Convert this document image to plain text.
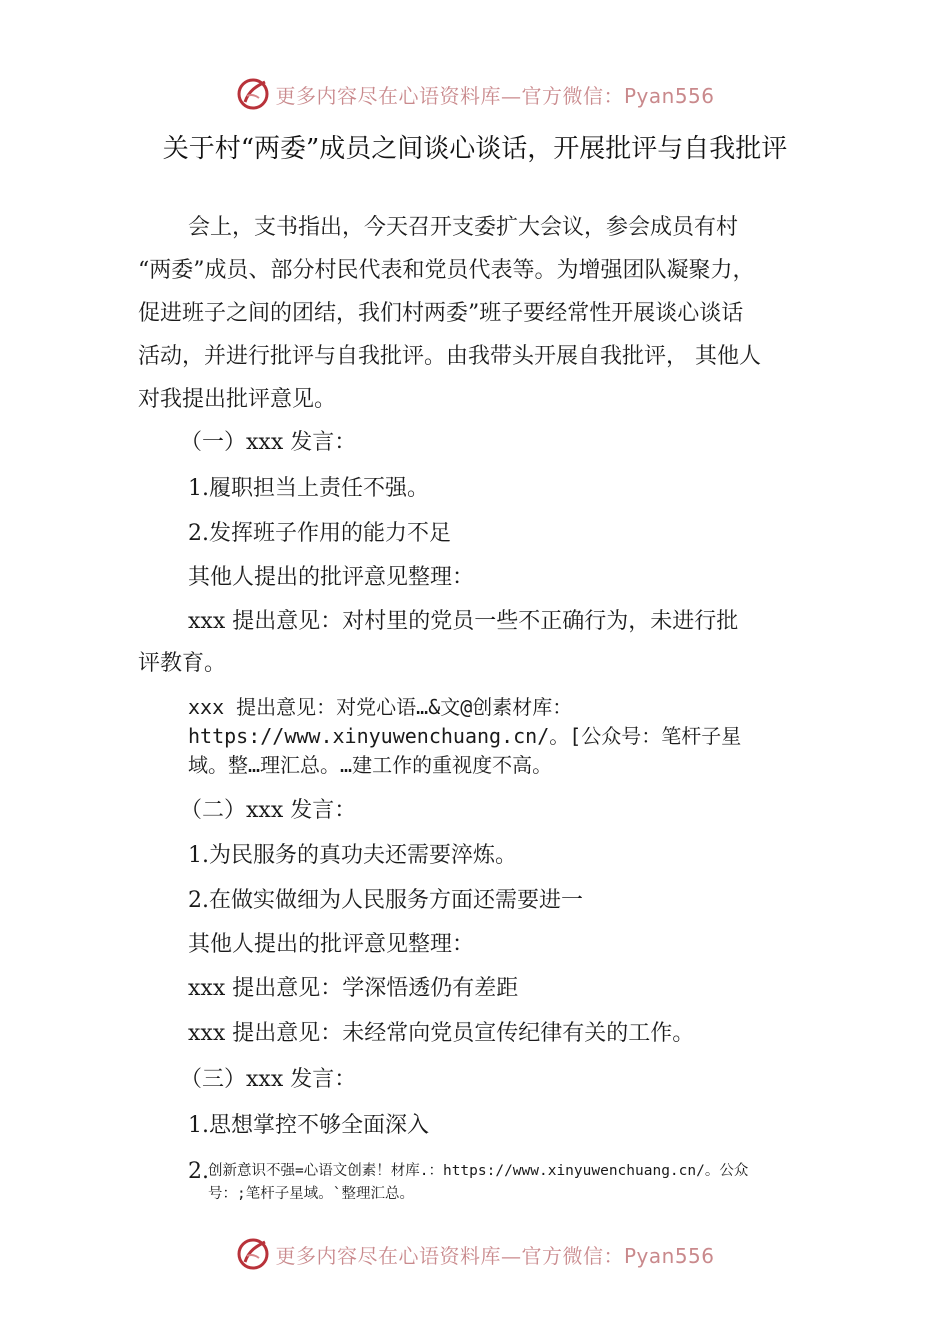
更多内容尽在心语资料库—官方微信：Pyan556
关于村“两委”成员之间谈心谈话，开展批评与自我批评
会上，支书指出，今天召开支委扩大会议，参会成员有村
“两委”成员、部分村民代表和党员代表等。为增强团队凝聚力，
促进班子之间的团结，我们村两委”班子要经常性开展谈心谈话
活动，并进行批评与自我批评。由我带头开展自我批评， 其他人
对我提出批评意见。
（一）xxx 发言：
1.履职担当上责任不强。
2.发挥班子作用的能力不足
其他人提出的批评意见整理：
xxx 提出意见：对村里的党员一些不正确行为，未进行批
评教育。
xxx 提出意见：对党心语…&文@创素材库：
https://www.xinyuwenchuang.cn/。[公众号：笔杆子星
域。整…理汇总。…建工作的重视度不高。
（二）xxx 发言：
1.为民服务的真功夫还需要淬炼。
2.在做实做细为人民服务方面还需要进一
其他人提出的批评意见整理：
xxx 提出意见：学深悟透仍有差距
xxx 提出意见：未经常向党员宣传纪律有关的工作。
（三）xxx 发言：
1.思想掌控不够全面深入
2. 创新意识不强=心语文创素！材库.：https://www.xinyuwenchuang.cn/。公众
号：;笔杆子星域。`整理汇总。
更多内容尽在心语资料库—官方微信：Pyan556
